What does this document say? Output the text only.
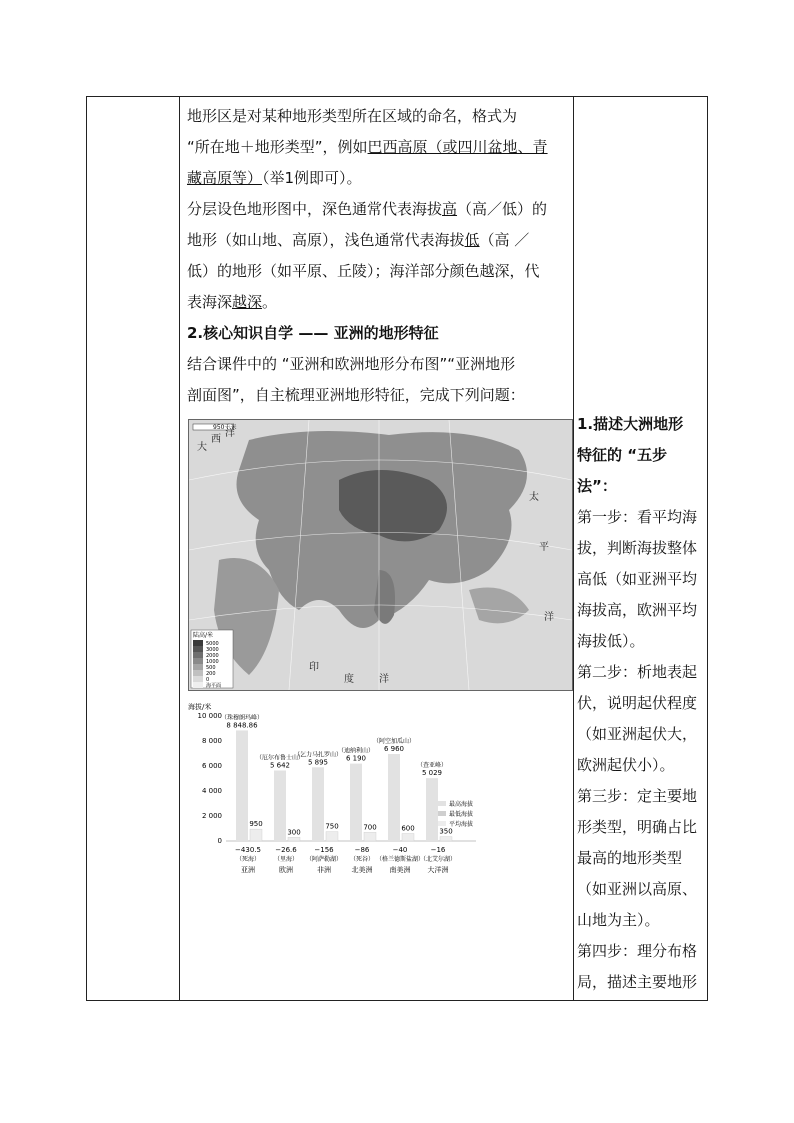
地形区是对某种地形类型所在区域的命名，格式为
“所在地＋地形类型”，例如巴西高原（或四川盆地、青
藏高原等）（举1例即可）。

分层设色地形图中，深色通常代表海拔高（高／低）的
地形（如山地、高原），浅色通常代表海拔低（高 ／
低）的地形（如平原、丘陵）；海洋部分颜色越深，代
表海深越深。

2.核心知识自学 —— 亚洲的地形特征

结合课件中的 “亚洲和欧洲地形分布图”“亚洲地形
剖面图”，自主梳理亚洲地形特征，完成下列问题：

950千米
大
西
洋
太
平
洋
印
度	洋
陆高/米
5000
3000
2000
1000
500
200
0
海平面
海拔/米
10 000
8 000
6 000
4 000
2 000
0
（珠穆朗玛峰）
8 848.86
950
−430.5
（死海）
亚洲
（厄尔布鲁士山）
5 642
300
−26.6
（里海）
欧洲
（乞力马扎罗山）
5 895
750
−156
（阿萨勒湖）
非洲
（迪纳利山）
6 190
700
−86
（死谷）
北美洲
（阿空加瓜山）
6 960
600
−40
（格兰德斯盐湖）
南美洲
（查亚峰）
5 029
350
−16
（北艾尔湖）
大洋洲
最高海拔
最低海拔
平均海拔
1.描述大洲地形
特征的 “五步
法”：
第一步：看平均海
拔，判断海拔整体
高低（如亚洲平均
海拔高，欧洲平均
海拔低）。
第二步：析地表起
伏，说明起伏程度
（如亚洲起伏大，
欧洲起伏小）。
第三步：定主要地
形类型，明确占比
最高的地形类型
（如亚洲以高原、
山地为主）。
第四步：理分布格
局，描述主要地形
